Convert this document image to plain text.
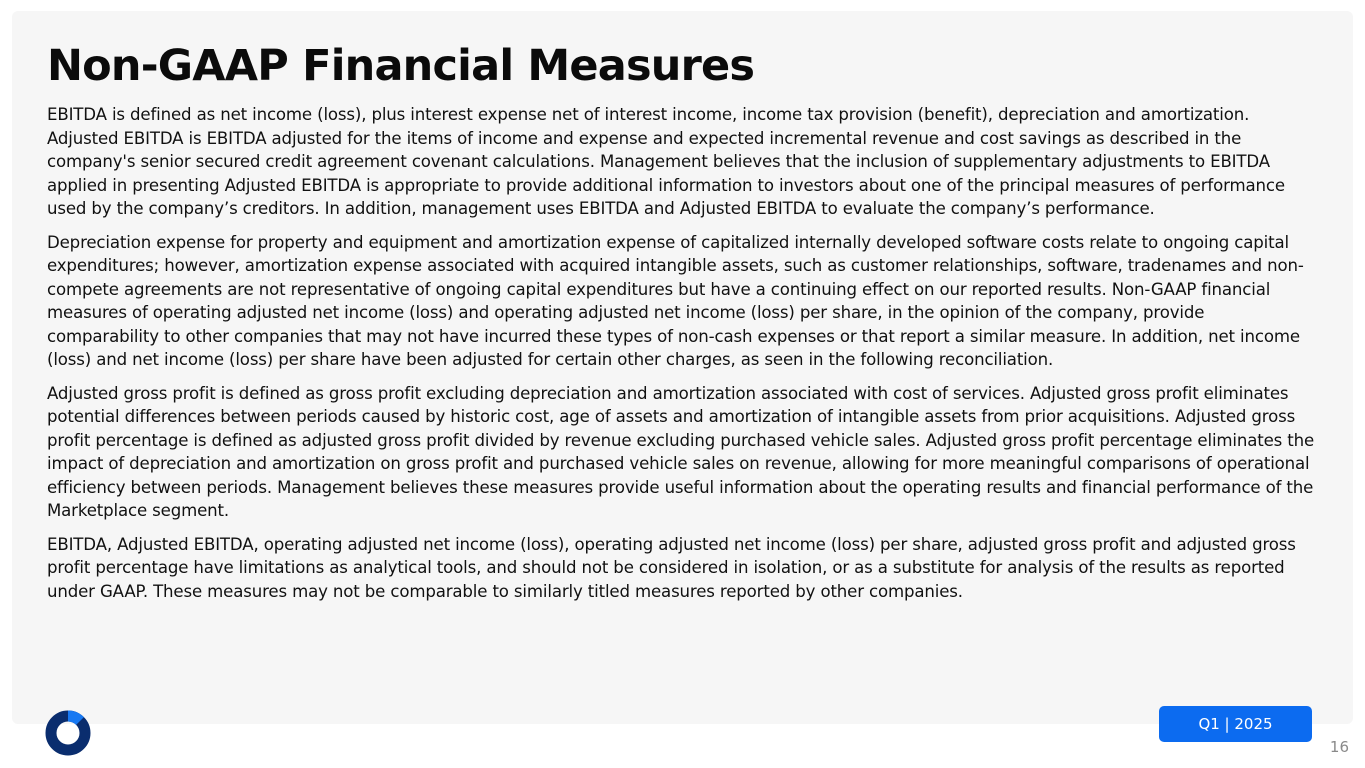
Non-GAAP Financial Measures

EBITDA is defined as net income (loss), plus interest expense net of interest income, income tax provision (benefit), depreciation and amortization. Adjusted EBITDA is EBITDA adjusted for the items of income and expense and expected incremental revenue and cost savings as described in the company's senior secured credit agreement covenant calculations. Management believes that the inclusion of supplementary adjustments to EBITDA applied in presenting Adjusted EBITDA is appropriate to provide additional information to investors about one of the principal measures of performance used by the company’s creditors. In addition, management uses EBITDA and Adjusted EBITDA to evaluate the company’s performance.

Depreciation expense for property and equipment and amortization expense of capitalized internally developed software costs relate to ongoing capital expenditures; however, amortization expense associated with acquired intangible assets, such as customer relationships, software, tradenames and non-compete agreements are not representative of ongoing capital expenditures but have a continuing effect on our reported results. Non-GAAP financial measures of operating adjusted net income (loss) and operating adjusted net income (loss) per share, in the opinion of the company, provide comparability to other companies that may not have incurred these types of non-cash expenses or that report a similar measure. In addition, net income (loss) and net income (loss) per share have been adjusted for certain other charges, as seen in the following reconciliation.

Adjusted gross profit is defined as gross profit excluding depreciation and amortization associated with cost of services. Adjusted gross profit eliminates potential differences between periods caused by historic cost, age of assets and amortization of intangible assets from prior acquisitions. Adjusted gross profit percentage is defined as adjusted gross profit divided by revenue excluding purchased vehicle sales. Adjusted gross profit percentage eliminates the impact of depreciation and amortization on gross profit and purchased vehicle sales on revenue, allowing for more meaningful comparisons of operational efficiency between periods. Management believes these measures provide useful information about the operating results and financial performance of the Marketplace segment.

EBITDA, Adjusted EBITDA, operating adjusted net income (loss), operating adjusted net income (loss) per share, adjusted gross profit and adjusted gross profit percentage have limitations as analytical tools, and should not be considered in isolation, or as a substitute for analysis of the results as reported under GAAP. These measures may not be comparable to similarly titled measures reported by other companies.

Q1 | 2025
16
